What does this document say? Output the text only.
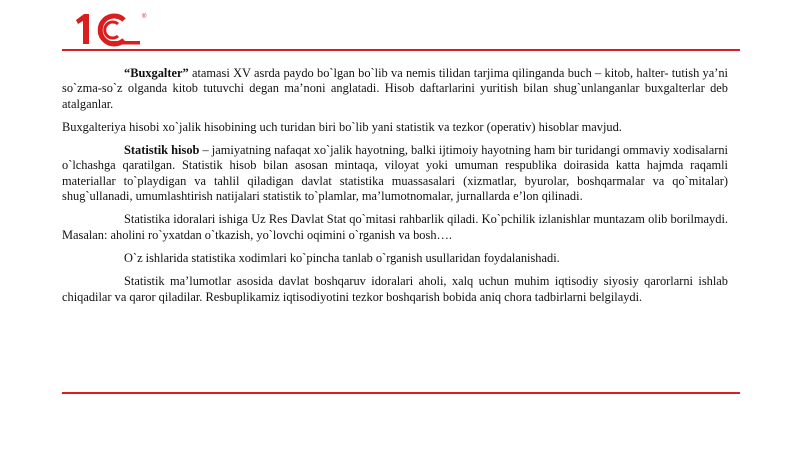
®

“Buxgalter” atamasi XV asrda paydo bo`lgan bo`lib va nemis tilidan tarjima qilinganda buch – kitob, halter- tutish ya’ni so`zma-so`z olganda kitob tutuvchi degan ma’noni anglatadi. Hisob daftarlarini yuritish bilan shug`unlanganlar buxgalterlar deb atalganlar.

Buxgalteriya hisobi xo`jalik hisobining uch turidan biri bo`lib yani statistik va tezkor (operativ) hisoblar mavjud.

Statistik hisob – jamiyatning nafaqat xo`jalik hayotning, balki ijtimoiy hayotning ham bir turidangi ommaviy xodisalarni o`lchashga qaratilgan. Statistik hisob bilan asosan mintaqa, viloyat yoki umuman respublika doirasida katta hajmda raqamli materiallar to`playdigan va tahlil qiladigan davlat statistika muassasalari (xizmatlar, byurolar, boshqarmalar va qo`mitalar) shug`ullanadi, umumlashtirish natijalari statistik to`plamlar, ma’lumotnomalar, jurnallarda e’lon qilinadi.

Statistika idoralari ishiga Uz Res Davlat Stat qo`mitasi rahbarlik qiladi. Ko`pchilik izlanishlar muntazam olib borilmaydi. Masalan: aholini ro`yxatdan o`tkazish, yo`lovchi oqimini o`rganish va bosh….

O`z ishlarida statistika xodimlari ko`pincha tanlab o`rganish usullaridan foydalanishadi.

Statistik ma’lumotlar asosida davlat boshqaruv idoralari aholi, xalq uchun muhim iqtisodiy siyosiy qarorlarni ishlab chiqadilar va qaror qiladilar. Resbuplikamiz iqtisodiyotini tezkor boshqarish bobida aniq chora tadbirlarni belgilaydi.
